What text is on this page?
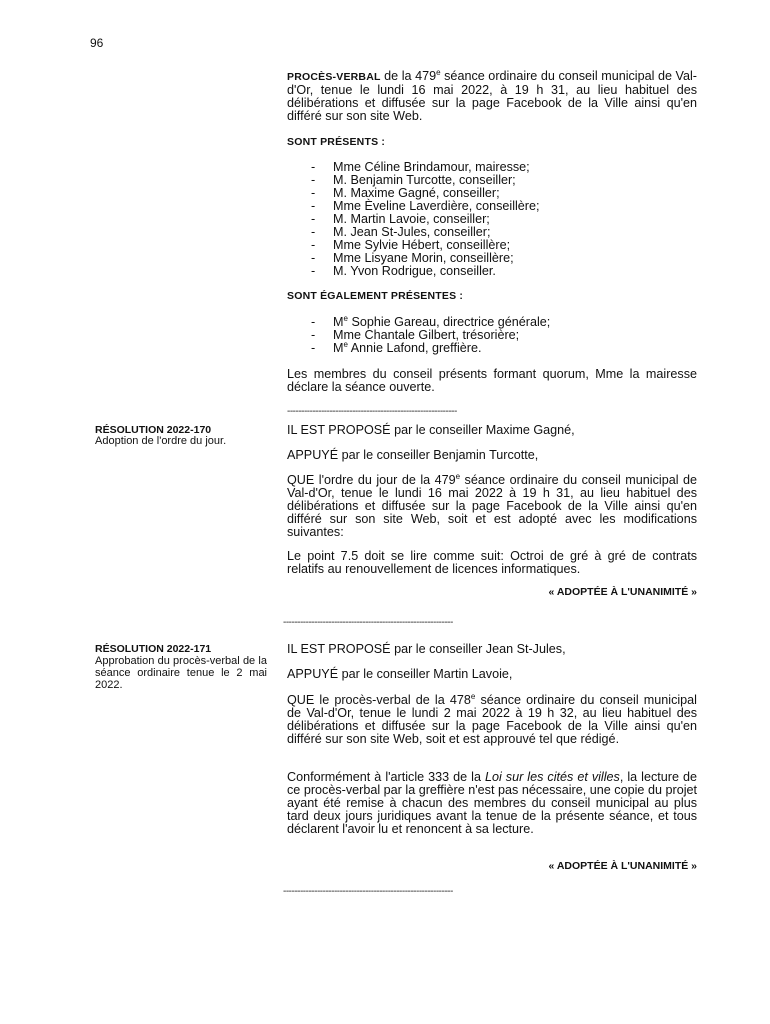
96
PROCÈS-VERBAL de la 479e séance ordinaire du conseil municipal de Val-d'Or, tenue le lundi 16 mai 2022, à 19 h 31, au lieu habituel des délibérations et diffusée sur la page Facebook de la Ville ainsi qu'en différé sur son site Web.
SONT PRÉSENTS :
- Mme Céline Brindamour, mairesse;
- M. Benjamin Turcotte, conseiller;
- M. Maxime Gagné, conseiller;
- Mme Èveline Laverdière, conseillère;
- M. Martin Lavoie, conseiller;
- M. Jean St-Jules, conseiller;
- Mme Sylvie Hébert, conseillère;
- Mme Lisyane Morin, conseillère;
- M. Yvon Rodrigue, conseiller.
SONT ÉGALEMENT PRÉSENTES :
- Me Sophie Gareau, directrice générale;
- Mme Chantale Gilbert, trésorière;
- Me Annie Lafond, greffière.
Les membres du conseil présents formant quorum, Mme la mairesse déclare la séance ouverte.
------------------------------------------------------------
RÉSOLUTION 2022-170
Adoption de l'ordre du jour.
IL EST PROPOSÉ par le conseiller Maxime Gagné,
APPUYÉ par le conseiller Benjamin Turcotte,
QUE l'ordre du jour de la 479e séance ordinaire du conseil municipal de Val-d'Or, tenue le lundi 16 mai 2022 à 19 h 31, au lieu habituel des délibérations et diffusée sur la page Facebook de la Ville ainsi qu'en différé sur son site Web, soit et est adopté avec les modifications suivantes:
Le point 7.5 doit se lire comme suit: Octroi de gré à gré de contrats relatifs au renouvellement de licences informatiques.
« ADOPTÉE À L'UNANIMITÉ »
------------------------------------------------------------
RÉSOLUTION 2022-171
Approbation du procès-verbal de la séance ordinaire tenue le 2 mai 2022.
IL EST PROPOSÉ par le conseiller Jean St-Jules,
APPUYÉ par le conseiller Martin Lavoie,
QUE le procès-verbal de la 478e séance ordinaire du conseil municipal de Val-d'Or, tenue le lundi 2 mai 2022 à 19 h 32, au lieu habituel des délibérations et diffusée sur la page Facebook de la Ville ainsi qu'en différé sur son site Web, soit et est approuvé tel que rédigé.
Conformément à l'article 333 de la Loi sur les cités et villes, la lecture de ce procès-verbal par la greffière n'est pas nécessaire, une copie du projet ayant été remise à chacun des membres du conseil municipal au plus tard deux jours juridiques avant la tenue de la présente séance, et tous déclarent l'avoir lu et renoncent à sa lecture.
« ADOPTÉE À L'UNANIMITÉ »
------------------------------------------------------------
